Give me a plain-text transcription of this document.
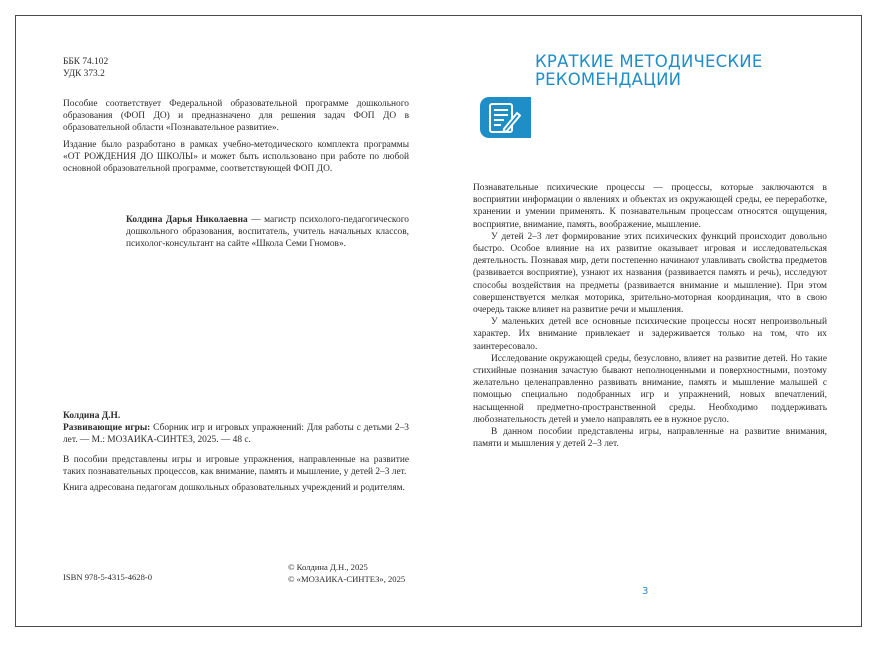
ББК 74.102

УДК 373.2

Пособие соответствует Федеральной образовательной программе дошкольного образования (ФОП ДО) и предназначено для решения задач ФОП ДО в образовательной области «Познавательное развитие».

Издание было разработано в рамках учебно-методического комплекта программы «ОТ РОЖДЕНИЯ ДО ШКОЛЫ» и может быть использовано при работе по любой основной образовательной программе, соответствующей ФОП ДО.

Колдина Дарья Николаевна — магистр психолого-педагогического дошкольного образования, воспитатель, учитель начальных классов, психолог-консультант на сайте «Школа Семи Гномов».

Колдина Д.Н.

Развивающие игры: Сборник игр и игровых упражнений: Для работы с детьми 2–3 лет. — М.: МОЗАИКА-СИНТЕЗ, 2025. — 48 с.

В пособии представлены игры и игровые упражнения, направленные на развитие таких познавательных процессов, как внимание, память и мышление, у детей 2–3 лет.

Книга адресована педагогам дошкольных образовательных учреждений и родителям.

ISBN 978-5-4315-4628-0

© Колдина Д.Н., 2025

© «МОЗАИКА-СИНТЕЗ», 2025

КРАТКИЕ МЕТОДИЧЕСКИЕ
РЕКОМЕНДАЦИИ

Познавательные психические процессы — процессы, которые заключаются в восприятии информации о явлениях и объектах из окружающей среды, ее переработке, хранении и умении применять. К познавательным процессам относятся ощущения, восприятие, внимание, память, воображение, мышление.

У детей 2–3 лет формирование этих психических функций происходит довольно быстро. Особое влияние на их развитие оказывает игровая и исследовательская деятельность. Познавая мир, дети постепенно начинают улавливать свойства предметов (развивается восприятие), узнают их названия (развивается память и речь), исследуют способы воздействия на предметы (развивается внимание и мышление). При этом совершенствуется мелкая моторика, зрительно-моторная координация, что в свою очередь также влияет на развитие речи и мышления.

У маленьких детей все основные психические процессы носят непроизвольный характер. Их внимание привлекает и задерживается только на том, что их заинтересовало.

Исследование окружающей среды, безусловно, влияет на развитие детей. Но такие стихийные познания зачастую бывают неполноценными и поверхностными, поэтому желательно целенаправленно развивать внимание, память и мышление малышей с помощью специально подобранных игр и упражнений, новых впечатлений, насыщенной предметно-пространственной среды. Необходимо поддерживать любознательность детей и умело направлять ее в нужное русло.

В данном пособии представлены игры, направленные на развитие внимания, памяти и мышления у детей 2–3 лет.

3
